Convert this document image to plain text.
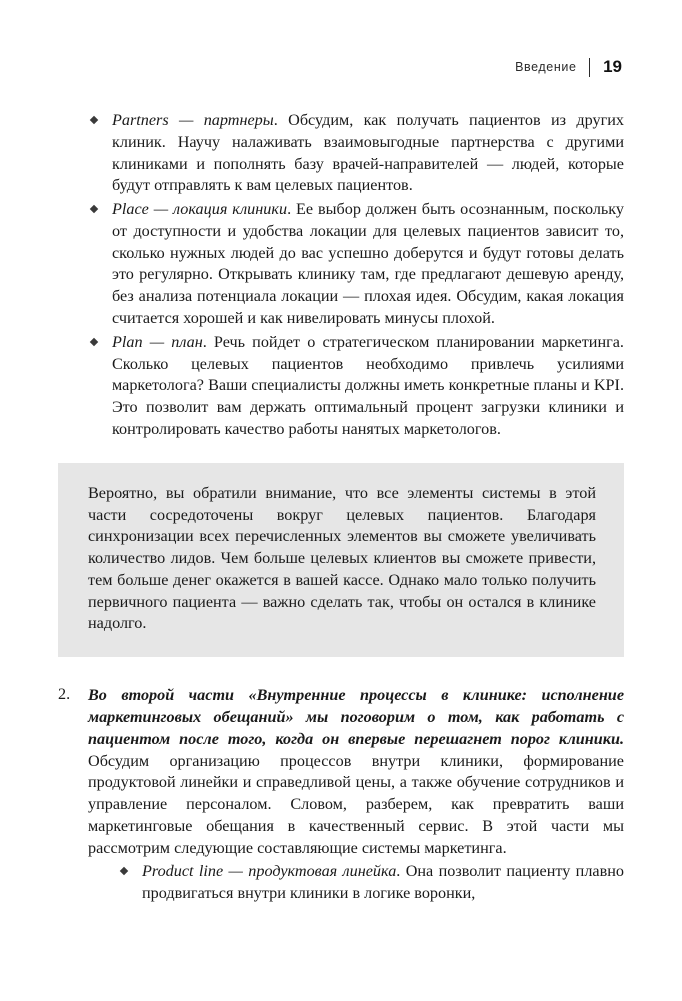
Введение 19

Partners — партнеры. Обсудим, как получать пациентов из других клиник. Научу налаживать взаимовыгодные партнерства с другими клиниками и пополнять базу врачей-направителей — людей, которые будут отправлять к вам целевых пациентов.

Place — локация клиники. Ее выбор должен быть осознанным, поскольку от доступности и удобства локации для целевых пациентов зависит то, сколько нужных людей до вас успешно доберутся и будут готовы делать это регулярно. Открывать клинику там, где предлагают дешевую аренду, без анализа потенциала локации — плохая идея. Обсудим, какая локация считается хорошей и как нивелировать минусы плохой.

Plan — план. Речь пойдет о стратегическом планировании маркетинга. Сколько целевых пациентов необходимо привлечь усилиями маркетолога? Ваши специалисты должны иметь конкретные планы и KPI. Это позволит вам держать оптимальный процент загрузки клиники и контролировать качество работы нанятых маркетологов.

Вероятно, вы обратили внимание, что все элементы системы в этой части сосредоточены вокруг целевых пациентов. Благодаря синхронизации всех перечисленных элементов вы сможете увеличивать количество лидов. Чем больше целевых клиентов вы сможете привести, тем больше денег окажется в вашей кассе. Однако мало только получить первичного пациента — важно сделать так, чтобы он остался в клинике надолго.

2. Во второй части «Внутренние процессы в клинике: исполнение маркетинговых обещаний» мы поговорим о том, как работать с пациентом после того, когда он впервые перешагнет порог клиники. Обсудим организацию процессов внутри клиники, формирование продуктовой линейки и справедливой цены, а также обучение сотрудников и управление персоналом. Словом, разберем, как превратить ваши маркетинговые обещания в качественный сервис. В этой части мы рассмотрим следующие составляющие системы маркетинга.

Product line — продуктовая линейка. Она позволит пациенту плавно продвигаться внутри клиники в логике воронки,
